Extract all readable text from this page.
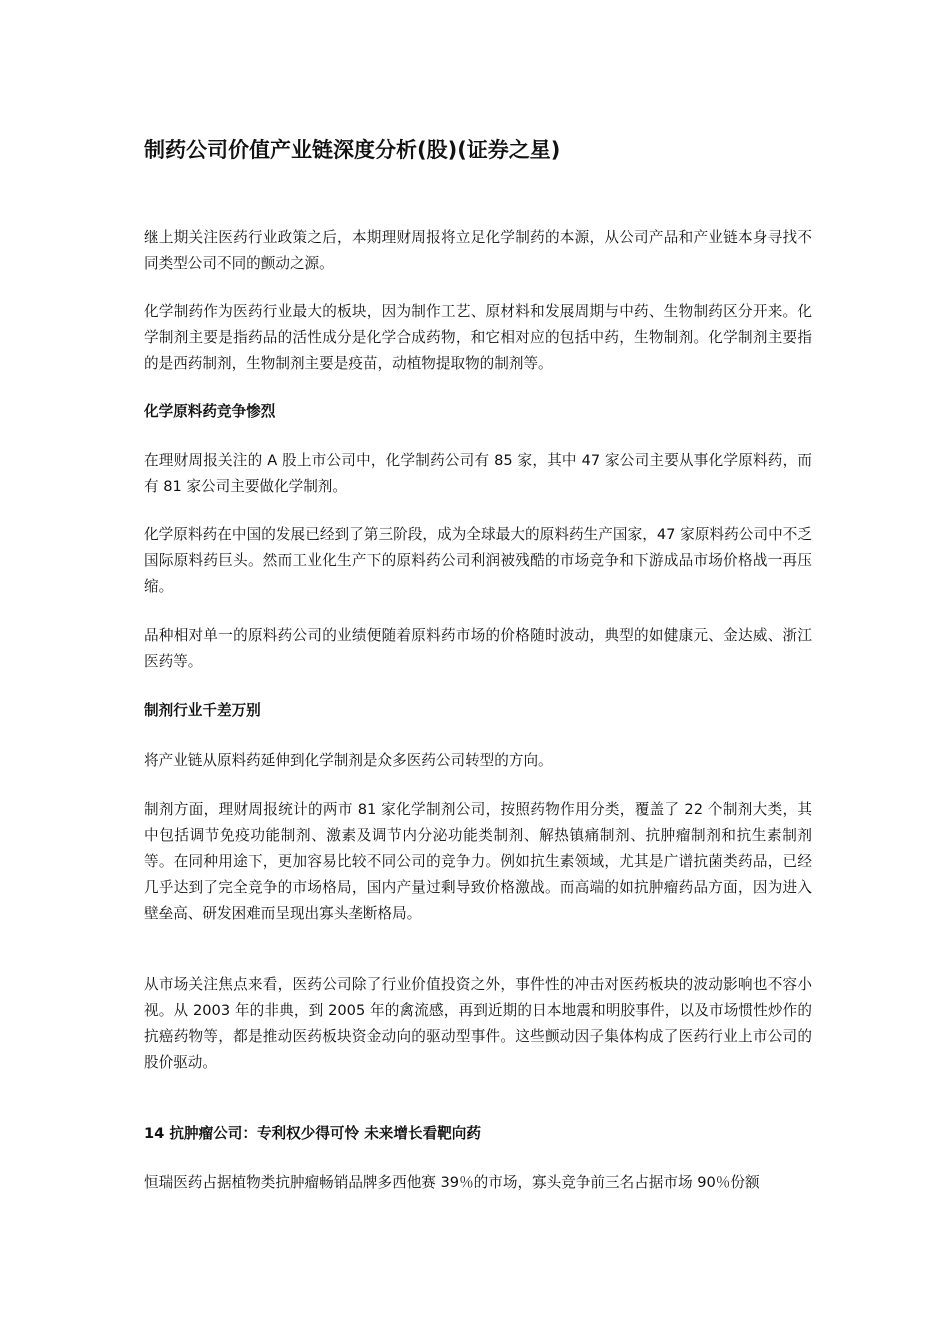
制药公司价值产业链深度分析(股)(证券之星)

继上期关注医药行业政策之后，本期理财周报将立足化学制药的本源，从公司产品和产业链本身寻找不同类型公司不同的颤动之源。

化学制药作为医药行业最大的板块，因为制作工艺、原材料和发展周期与中药、生物制药区分开来。化学制剂主要是指药品的活性成分是化学合成药物，和它相对应的包括中药，生物制剂。化学制剂主要指的是西药制剂，生物制剂主要是疫苗，动植物提取物的制剂等。

化学原料药竞争惨烈

在理财周报关注的 A 股上市公司中，化学制药公司有 85 家，其中 47 家公司主要从事化学原料药，而有 81 家公司主要做化学制剂。

化学原料药在中国的发展已经到了第三阶段，成为全球最大的原料药生产国家，47 家原料药公司中不乏国际原料药巨头。然而工业化生产下的原料药公司利润被残酷的市场竞争和下游成品市场价格战一再压缩。

品种相对单一的原料药公司的业绩便随着原料药市场的价格随时波动，典型的如健康元、金达威、浙江医药等。

制剂行业千差万别

将产业链从原料药延伸到化学制剂是众多医药公司转型的方向。

制剂方面，理财周报统计的两市 81 家化学制剂公司，按照药物作用分类，覆盖了 22 个制剂大类，其中包括调节免疫功能制剂、激素及调节内分泌功能类制剂、解热镇痛制剂、抗肿瘤制剂和抗生素制剂等。在同种用途下，更加容易比较不同公司的竞争力。例如抗生素领域，尤其是广谱抗菌类药品，已经几乎达到了完全竞争的市场格局，国内产量过剩导致价格激战。而高端的如抗肿瘤药品方面，因为进入壁垒高、研发困难而呈现出寡头垄断格局。

从市场关注焦点来看，医药公司除了行业价值投资之外，事件性的冲击对医药板块的波动影响也不容小视。从 2003 年的非典，到 2005 年的禽流感，再到近期的日本地震和明胶事件，以及市场惯性炒作的抗癌药物等，都是推动医药板块资金动向的驱动型事件。这些颤动因子集体构成了医药行业上市公司的股价驱动。

14 抗肿瘤公司：专利权少得可怜 未来增长看靶向药

恒瑞医药占据植物类抗肿瘤畅销品牌多西他赛 39％的市场，寡头竞争前三名占据市场 90％份额
